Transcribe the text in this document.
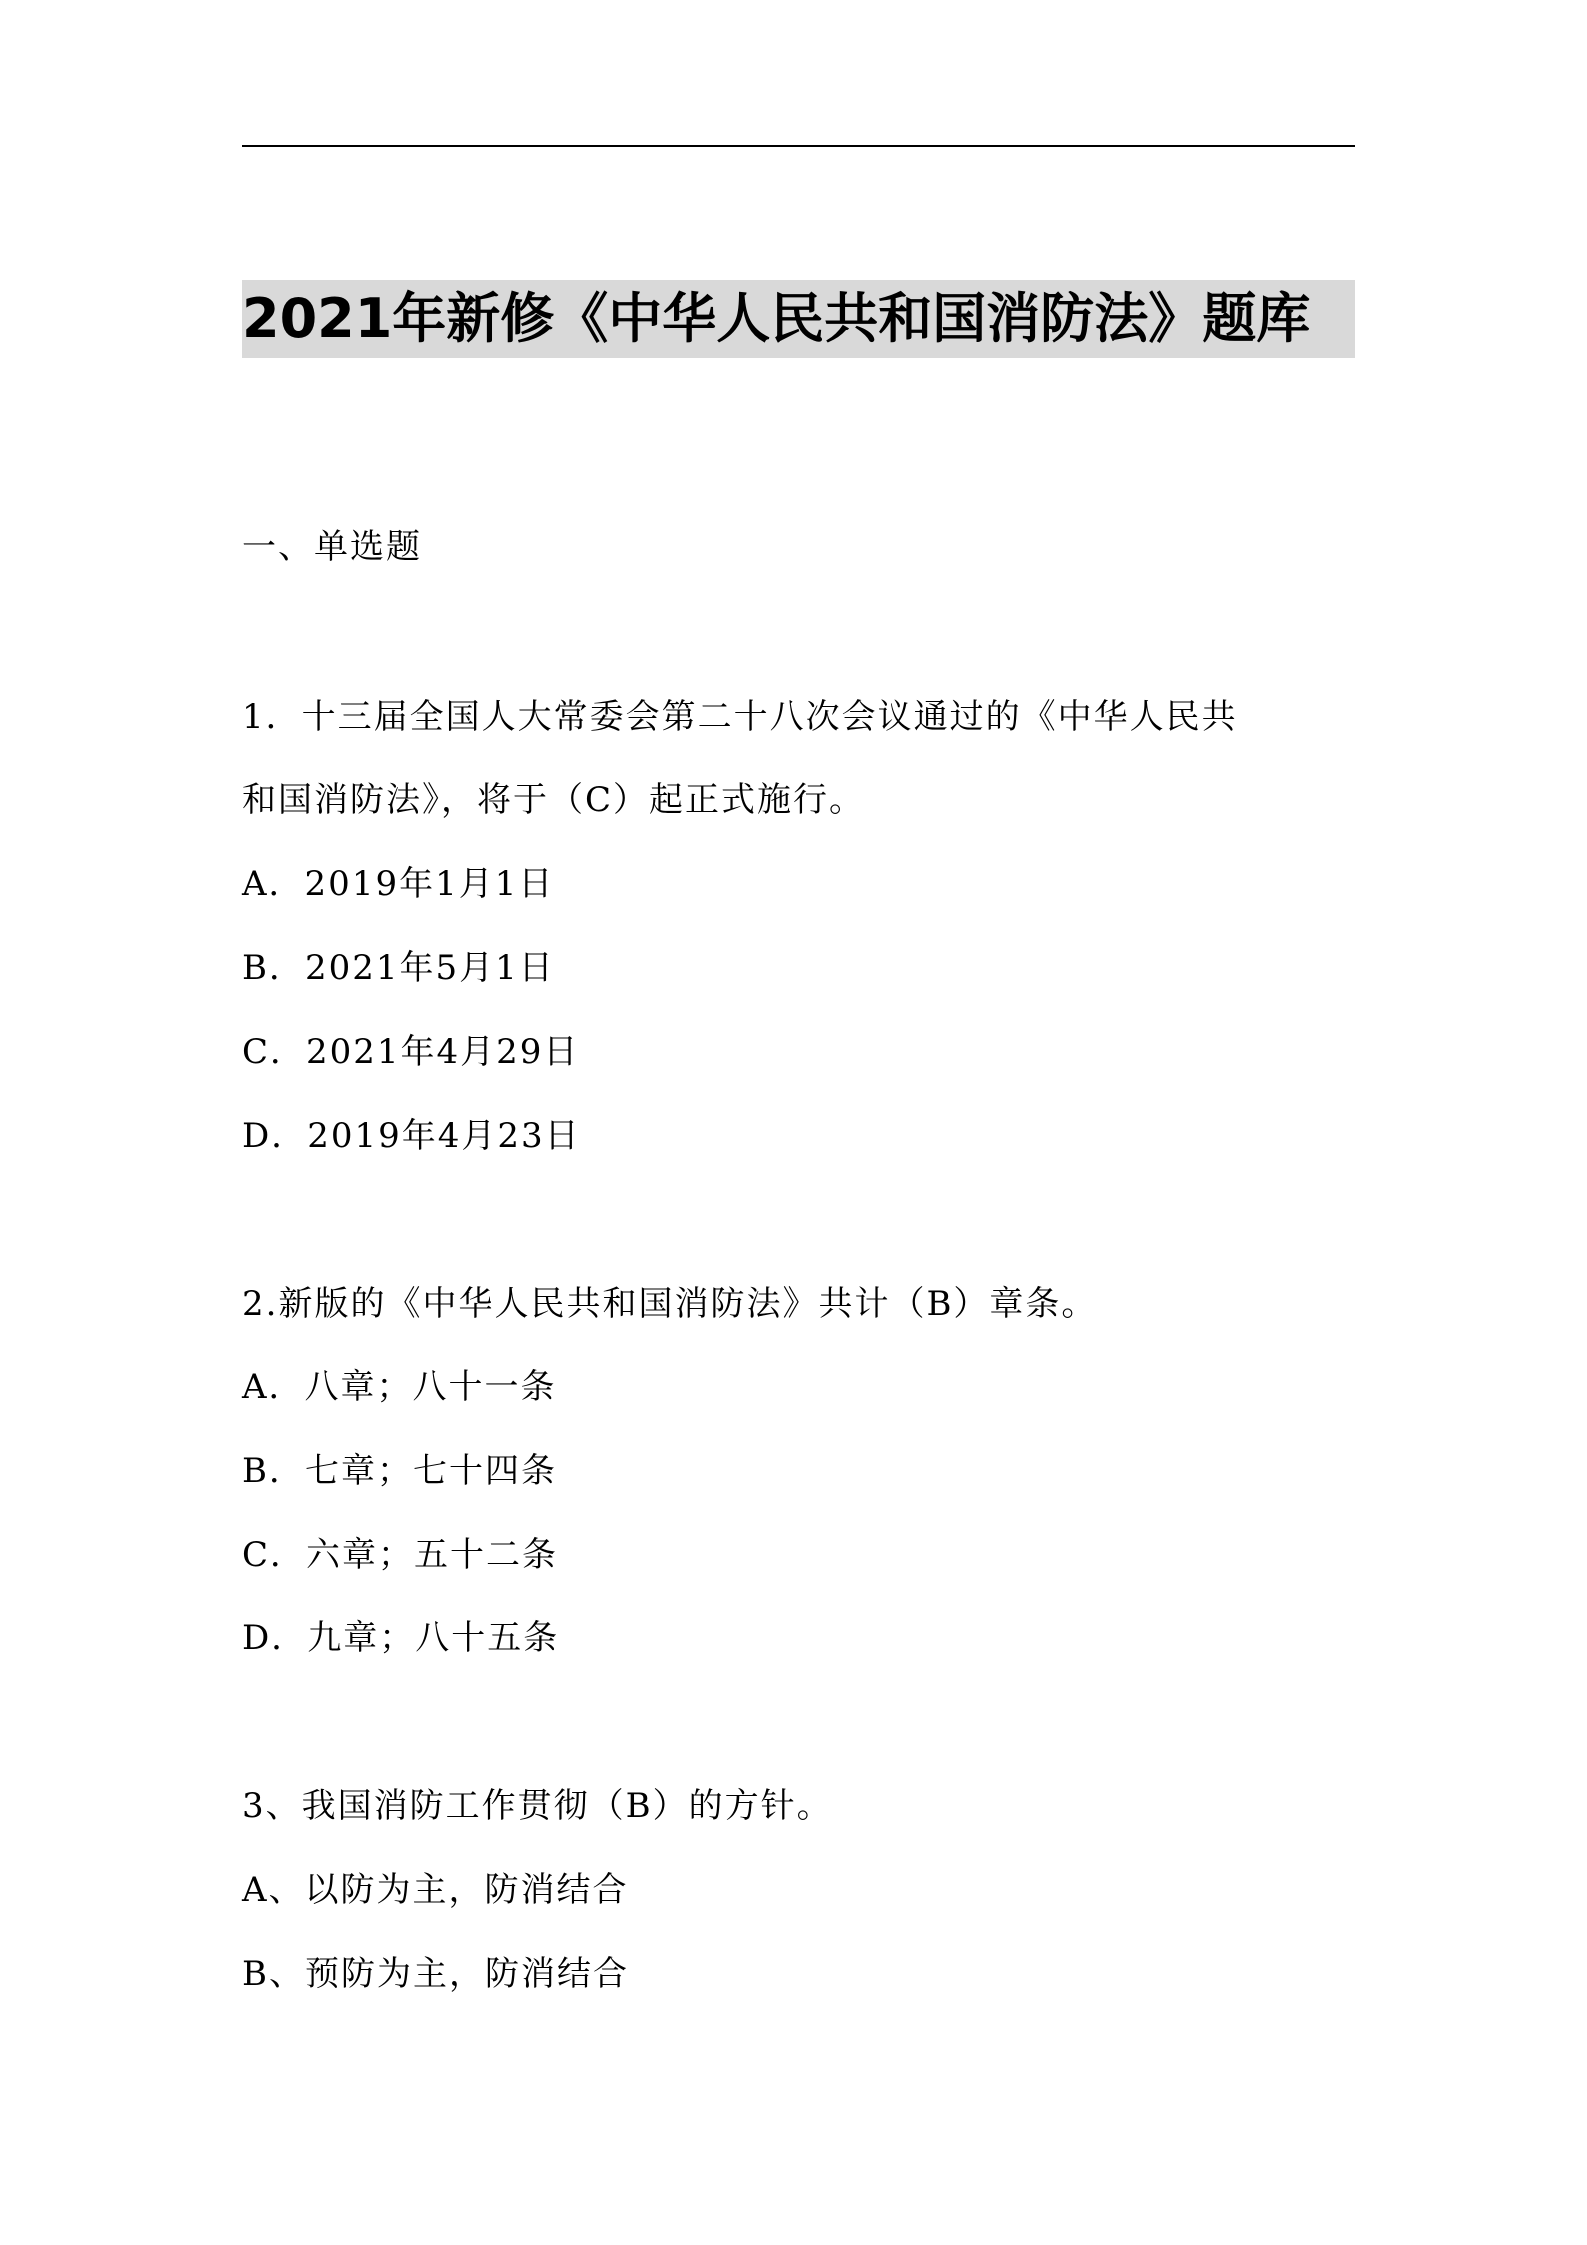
2021年新修《中华人民共和国消防法》题库
一、单选题
1．十三届全国人大常委会第二十八次会议通过的《中华人民共
和国消防法》，将于（C）起正式施行。
A．2019年1月1日
B．2021年5月1日
C．2021年4月29日
D．2019年4月23日
2.新版的《中华人民共和国消防法》共计（B）章条。
A．八章；八十一条
B．七章；七十四条
C．六章；五十二条
D．九章；八十五条
3、我国消防工作贯彻（B）的方针。
A、以防为主，防消结合
B、预防为主，防消结合
